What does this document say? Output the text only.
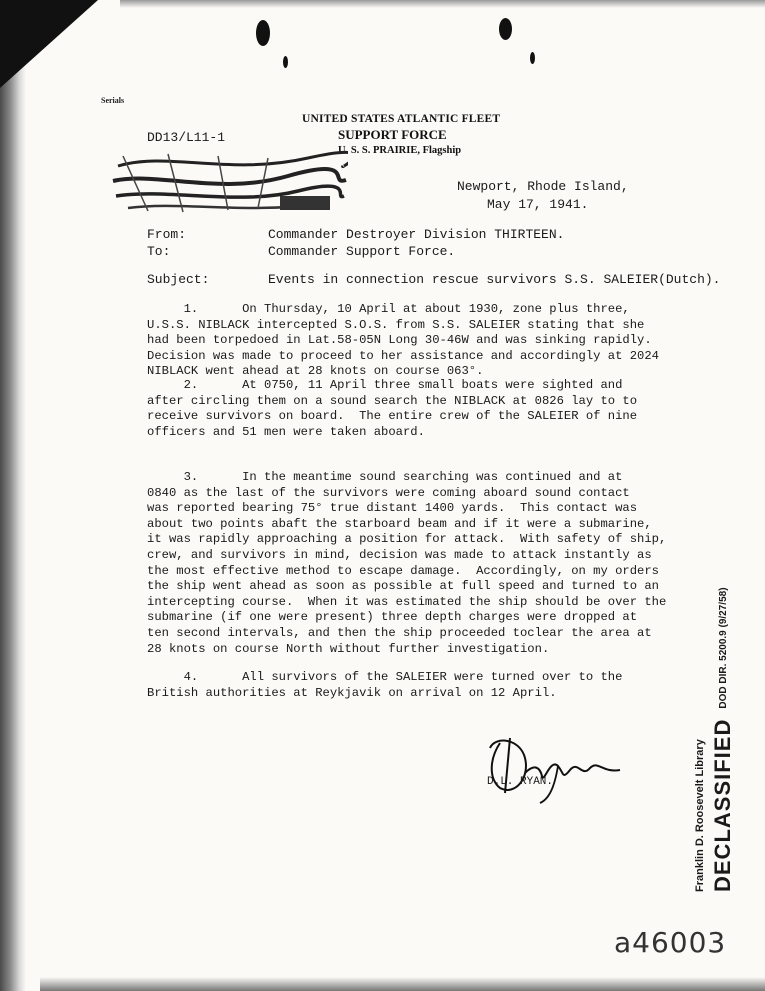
Serials
DD13/L11-1
UNITED STATES ATLANTIC FLEET
SUPPORT FORCE
U. S. S. PRAIRIE, Flagship
Newport, Rhode Island,
May 17, 1941.
From:	Commander Destroyer Division THIRTEEN.
To:	Commander Support Force.
Subject:	Events in connection rescue survivors S.S. SALEIER(Dutch).
1.      On Thursday, 10 April at about 1930, zone plus three,
U.S.S. NIBLACK intercepted S.O.S. from S.S. SALEIER stating that she
had been torpedoed in Lat.58-05N Long 30-46W and was sinking rapidly.
Decision was made to proceed to her assistance and accordingly at 2024
NIBLACK went ahead at 28 knots on course 063°.
2.      At 0750, 11 April three small boats were sighted and
after circling them on a sound search the NIBLACK at 0826 lay to to
receive survivors on board.  The entire crew of the SALEIER of nine
officers and 51 men were taken aboard.
3.      In the meantime sound searching was continued and at
0840 as the last of the survivors were coming aboard sound contact
was reported bearing 75° true distant 1400 yards.  This contact was
about two points abaft the starboard beam and if it were a submarine,
it was rapidly approaching a position for attack.  With safety of ship,
crew, and survivors in mind, decision was made to attack instantly as
the most effective method to escape damage.  Accordingly, on my orders
the ship went ahead as soon as possible at full speed and turned to an
intercepting course.  When it was estimated the ship should be over the
submarine (if one were present) three depth charges were dropped at
ten second intervals, and then the ship proceeded toclear the area at
28 knots on course North without further investigation.
4.      All survivors of the SALEIER were turned over to the
British authorities at Reykjavik on arrival on 12 April.
D.L. RYAN.	Franklin D. Roosevelt Library DECLASSIFIED
DOD DIR. 5200.9 (9/27/58)
a46003
